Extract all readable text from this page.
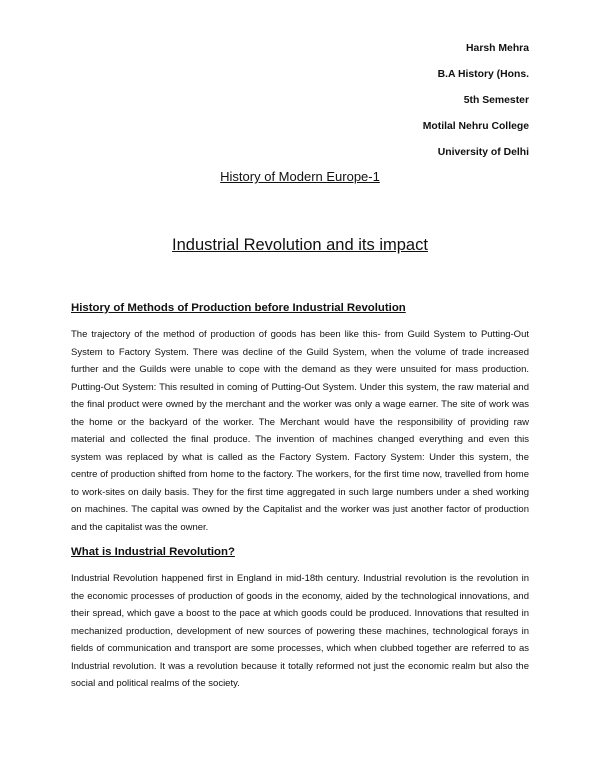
Harsh Mehra
B.A History (Hons.
5th Semester
Motilal Nehru College
University of Delhi
History of Modern Europe-1
Industrial Revolution and its impact
History of Methods of Production before Industrial Revolution

The trajectory of the method of production of goods has been like this- from Guild System to Putting-Out System to Factory System. There was decline of the Guild System, when the volume of trade increased further and the Guilds were unable to cope with the demand as they were unsuited for mass production. Putting-Out System: This resulted in coming of Putting-Out System. Under this system, the raw material and the final product were owned by the merchant and the worker was only a wage earner. The site of work was the home or the backyard of the worker. The Merchant would have the responsibility of providing raw material and collected the final produce. The invention of machines changed everything and even this system was replaced by what is called as the Factory System. Factory System: Under this system, the centre of production shifted from home to the factory. The workers, for the first time now, travelled from home to work-sites on daily basis. They for the first time aggregated in such large numbers under a shed working on machines. The capital was owned by the Capitalist and the worker was just another factor of production and the capitalist was the owner.

What is Industrial Revolution?

Industrial Revolution happened first in England in mid-18th century. Industrial revolution is the revolution in the economic processes of production of goods in the economy, aided by the technological innovations, and their spread, which gave a boost to the pace at which goods could be produced. Innovations that resulted in mechanized production, development of new sources of powering these machines, technological forays in fields of communication and transport are some processes, which when clubbed together are referred to as Industrial revolution. It was a revolution because it totally reformed not just the economic realm but also the social and political realms of the society.
